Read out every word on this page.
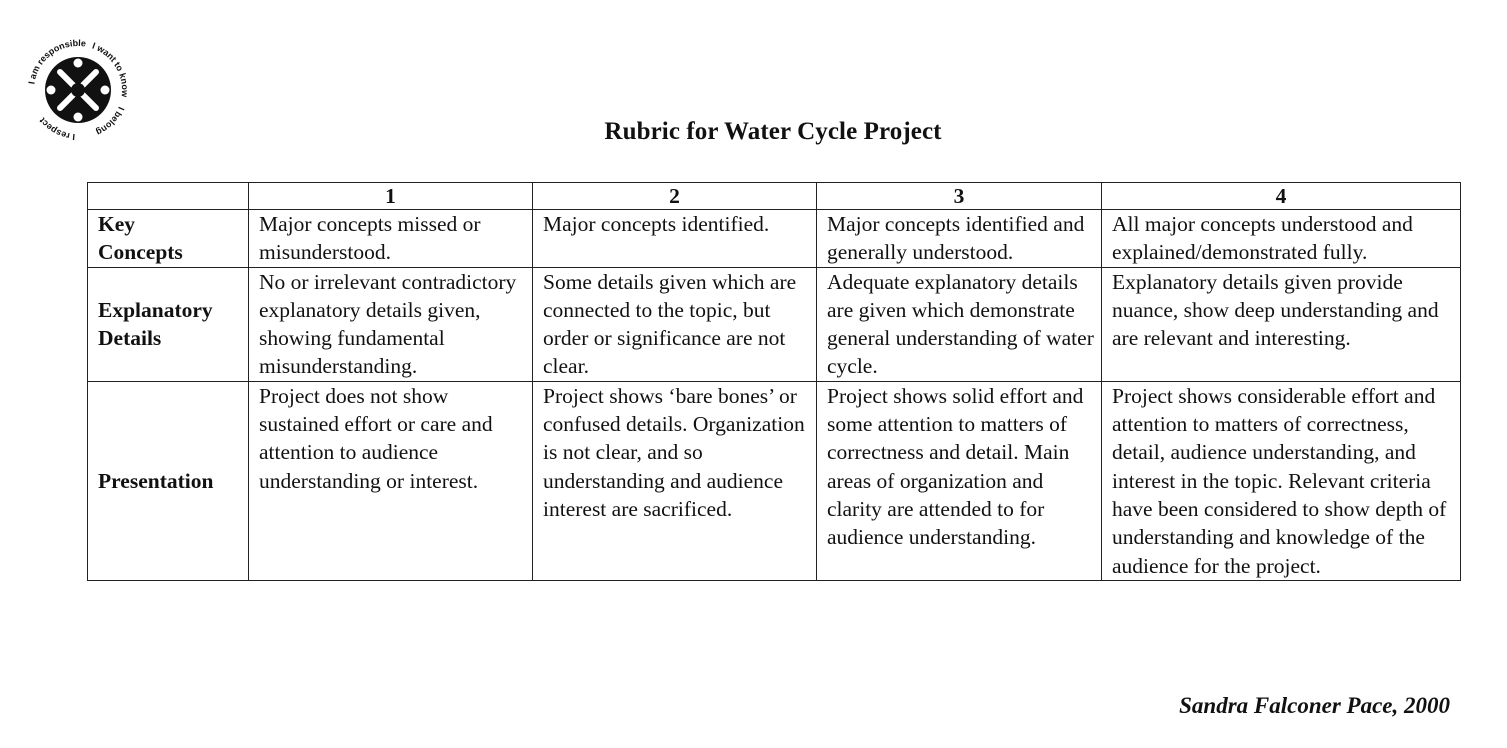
I am responsible I want to know
I belong
I respect	Rubric for Water Cycle Project
	1	2	3	4
Key Concepts	Major concepts missed or misunderstood.	Major concepts identified.	Major concepts identified and generally understood.	All major concepts understood and explained/demonstrated fully.
Explanatory Details	No or irrelevant contradictory explanatory details given, showing fundamental misunderstanding.	Some details given which are connected to the topic, but order or significance are not clear.	Adequate explanatory details are given which demonstrate general understanding of water cycle.	Explanatory details given provide nuance, show deep understanding and are relevant and interesting.
Presentation	Project does not show sustained effort or care and attention to audience understanding or interest.	Project shows ‘bare bones’ or confused details. Organization is not clear, and so understanding and audience interest are sacrificed.	Project shows solid effort and some attention to matters of correctness and detail. Main areas of organization and clarity are attended to for audience understanding.	Project shows considerable effort and attention to matters of correctness, detail, audience understanding, and interest in the topic. Relevant criteria have been considered to show depth of understanding and knowledge of the audience for the project.
Sandra Falconer Pace, 2000
